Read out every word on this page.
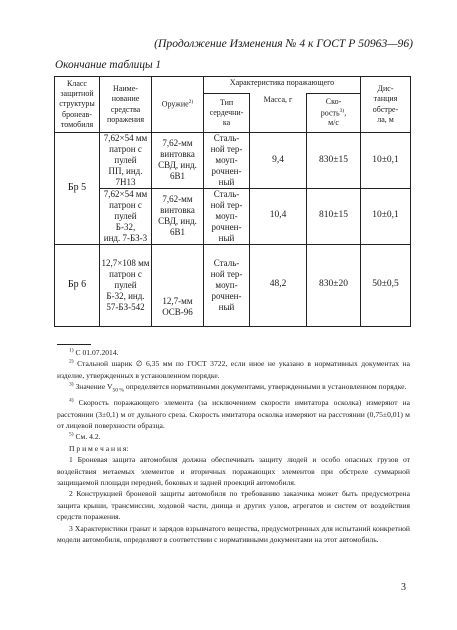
(Продолжение Изменения № 4 к ГОСТ Р 50963—96)
Окончание таблицы 1
Класс
защитной
структуры
бронеав-
томобиля	Наиме-
нование
средства
поражения	Оружие$^{2)}$	Характеристика поражающего			Дис-
танция
обстре-
ла, м

			Тип
сердечни-
ка	Масса, г	Ско-
рость$^{3)}$,
м/с	

Бр 5	7,62×54 мм
патрон с
пулей
ПП, инд.
7Н13	7,62-мм
винтовка
СВД, инд.
6В1	Сталь-
ной тер-
моуп-
рочнен-
ный	9,4	830±15	10±0,1

	7,62×54 мм
патрон с
пулей
Б-32,
инд. 7-БЗ-3	7,62-мм
винтовка
СВД, инд.
6В1	Сталь-
ной тер-
моуп-
рочнен-
ный	10,4	810±15	10±0,1
Бр 6	12,7×108 мм
патрон с
пулей
Б-32, инд.
57-БЗ-542	12,7-мм
ОСВ-96	Сталь-
ной тер-
моуп-
рочнен-
ный	48,2	830±20	50±0,5

$^{1)}$ С 01.07.2014.

$^{2)}$ Стальной шарик ∅ 6,35 мм по ГОСТ 3722, если иное не указано в нормативных документах на изделие, утвержденных в установленном порядке.

$^{3)}$ Значение $V_{50 \%}$ определяется нормативными документами, утвержденными в установленном порядке.

$^{4)}$ Скорость поражающего элемента (за исключением скорости имитатора осколка) измеряют на расстоянии (3±0,1) м от дульного среза. Скорость имитатора осколка измеряют на расстоянии (0,75±0,01) м от лицевой поверхности образца.

$^{5)}$ См. 4.2.

П р и м е ч а н и я:

1 Броневая защита автомобиля должна обеспечивать защиту людей и особо опасных грузов от воздействия метаемых элементов и вторичных поражающих элементов при обстреле суммарной защищаемой площади передней, боковых и задней проекций автомобиля.

2 Конструкцией броневой защиты автомобиля по требованию заказчика может быть предусмотрена защита крыши, трансмиссии, ходовой части, днища и других узлов, агрегатов и систем от воздействия средств поражения.

3 Характеристики гранат и зарядов взрывчатого вещества, предусмотренных для испытаний конкретной модели автомобиля, определяют в соответствии с нормативными документами на этот автомобиль.

3
